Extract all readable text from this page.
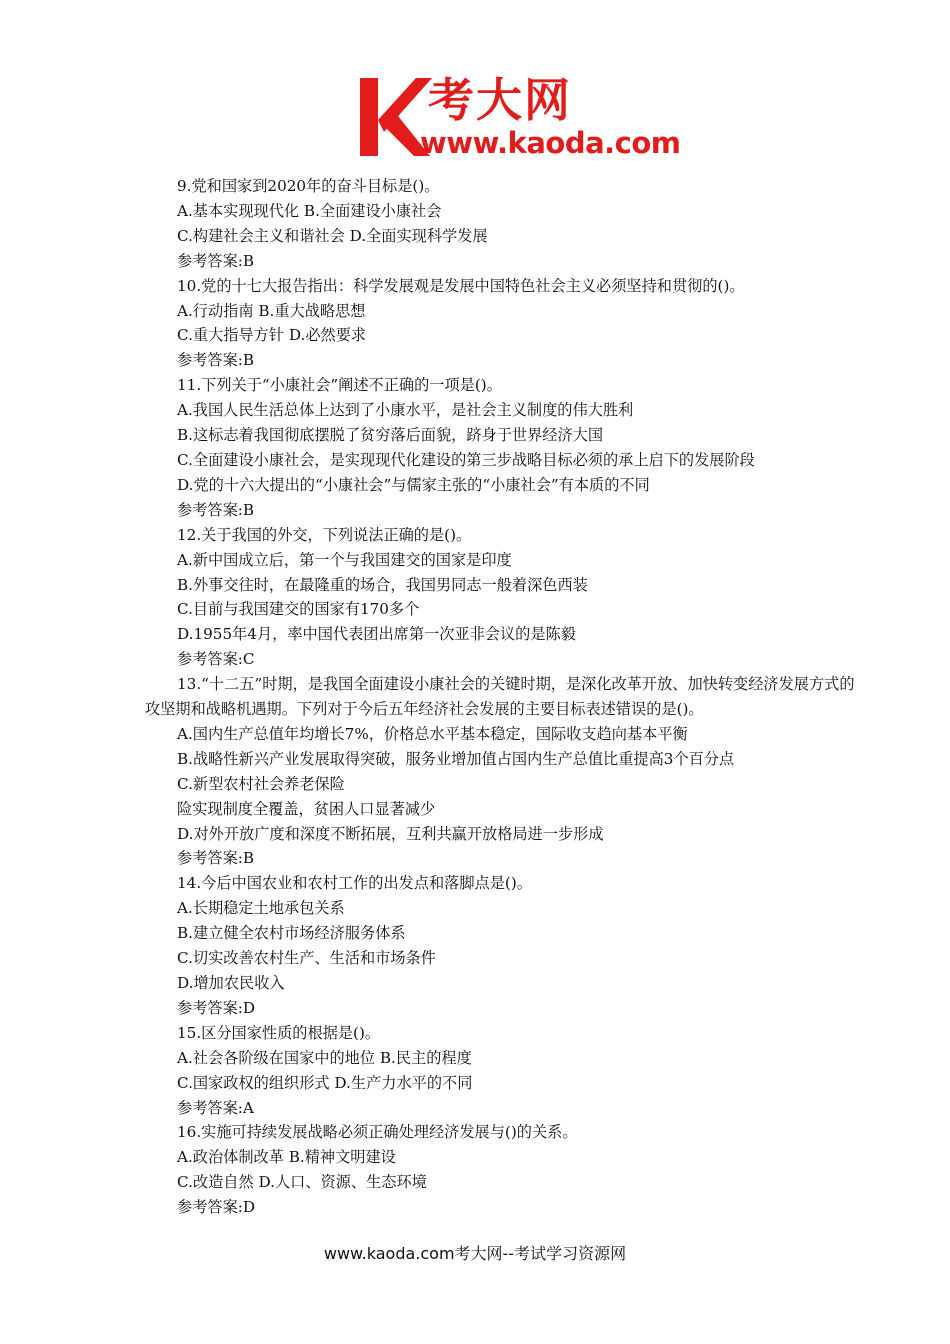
考大网
www.kaoda.com
9.党和国家到2020年的奋斗目标是()。
A.基本实现现代化 B.全面建设小康社会
C.构建社会主义和谐社会 D.全面实现科学发展
参考答案:B
10.党的十七大报告指出：科学发展观是发展中国特色社会主义必须坚持和贯彻的()。
A.行动指南 B.重大战略思想
C.重大指导方针 D.必然要求
参考答案:B
11.下列关于“小康社会”阐述不正确的一项是()。
A.我国人民生活总体上达到了小康水平，是社会主义制度的伟大胜利
B.这标志着我国彻底摆脱了贫穷落后面貌，跻身于世界经济大国
C.全面建设小康社会，是实现现代化建设的第三步战略目标必须的承上启下的发展阶段
D.党的十六大提出的“小康社会”与儒家主张的“小康社会”有本质的不同
参考答案:B
12.关于我国的外交，下列说法正确的是()。
A.新中国成立后，第一个与我国建交的国家是印度
B.外事交往时，在最隆重的场合，我国男同志一般着深色西装
C.目前与我国建交的国家有170多个
D.1955年4月，率中国代表团出席第一次亚非会议的是陈毅
参考答案:C
13.“十二五”时期，是我国全面建设小康社会的关键时期，是深化改革开放、加快转变经济发展方式的攻坚期和战略机遇期。下列对于今后五年经济社会发展的主要目标表述错误的是()。
A.国内生产总值年均增长7%，价格总水平基本稳定，国际收支趋向基本平衡
B.战略性新兴产业发展取得突破，服务业增加值占国内生产总值比重提高3个百分点
C.新型农村社会养老保险
险实现制度全覆盖，贫困人口显著减少
D.对外开放广度和深度不断拓展，互利共赢开放格局进一步形成
参考答案:B
14.今后中国农业和农村工作的出发点和落脚点是()。
A.长期稳定土地承包关系
B.建立健全农村市场经济服务体系
C.切实改善农村生产、生活和市场条件
D.增加农民收入
参考答案:D
15.区分国家性质的根据是()。
A.社会各阶级在国家中的地位 B.民主的程度
C.国家政权的组织形式 D.生产力水平的不同
参考答案:A
16.实施可持续发展战略必须正确处理经济发展与()的关系。
A.政治体制改革 B.精神文明建设
C.改造自然 D.人口、资源、生态环境
参考答案:D
www.kaoda.com考大网--考试学习资源网
